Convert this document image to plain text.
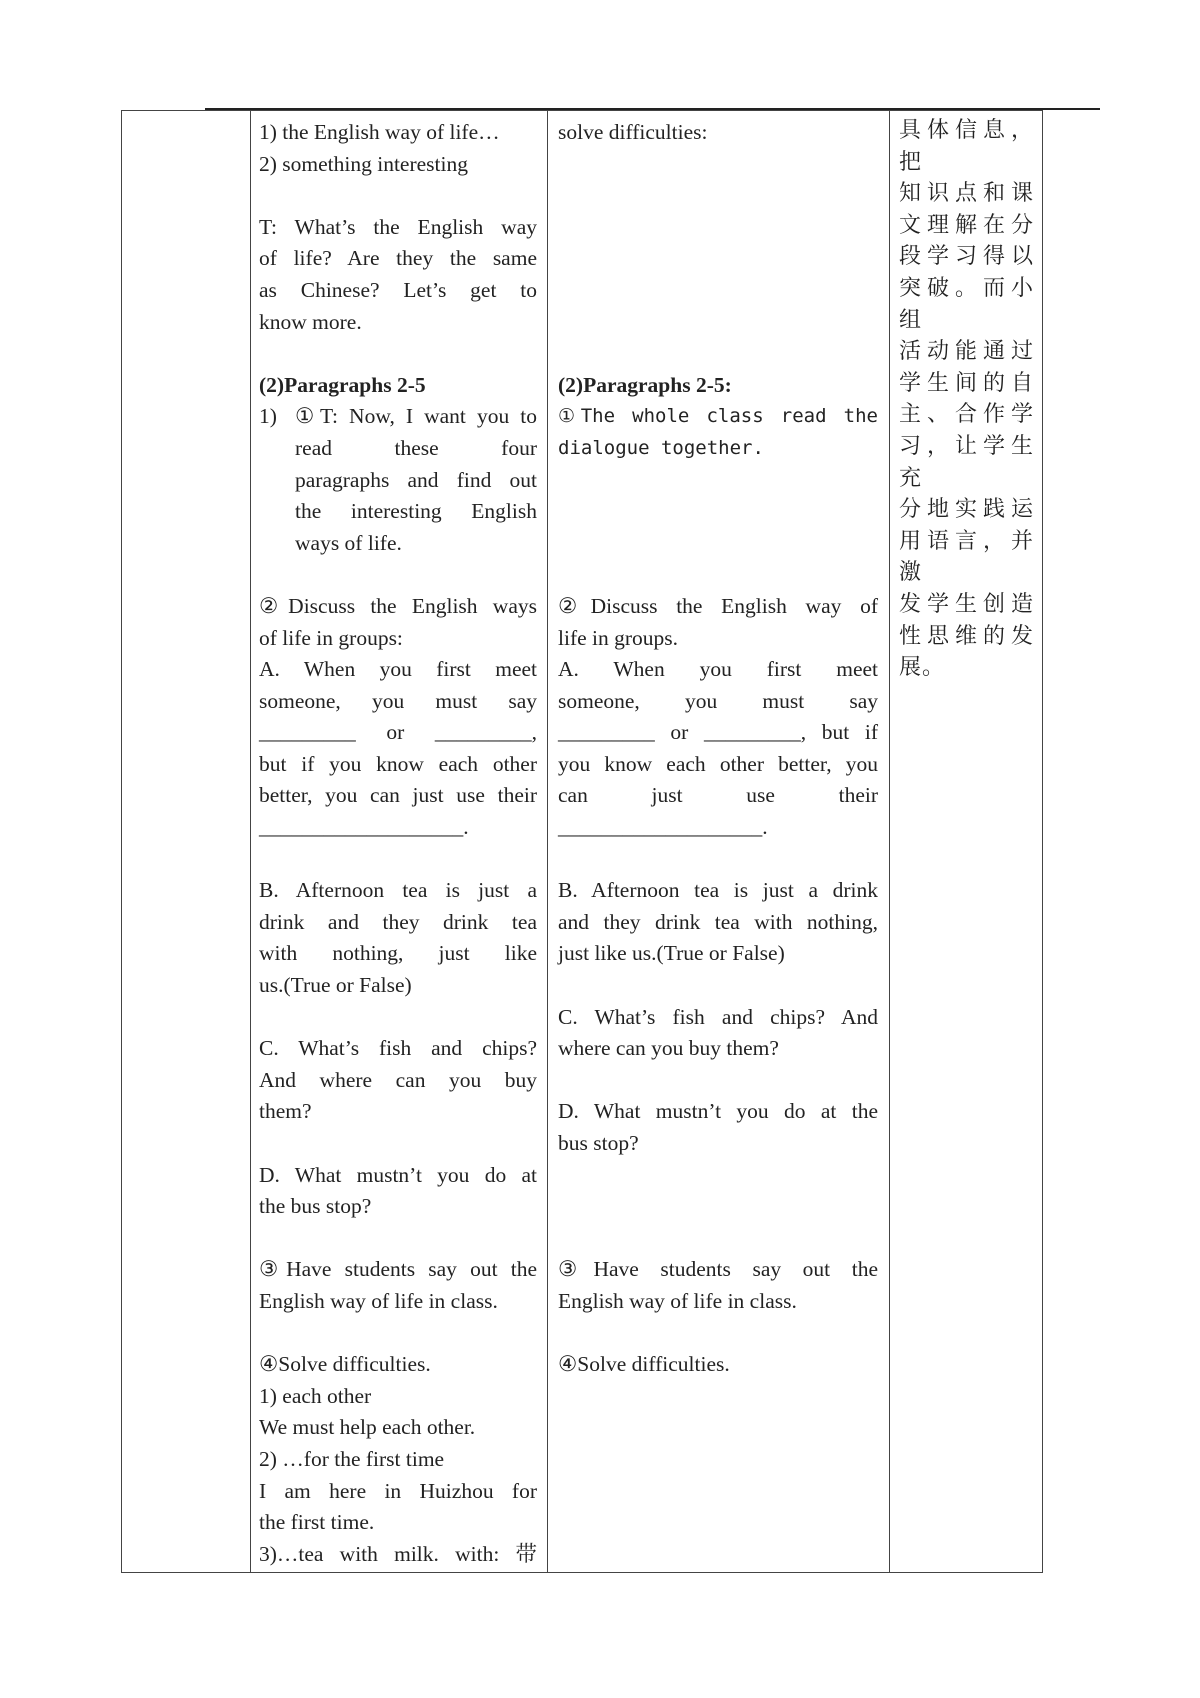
1) the English way of life…

2) something interesting

T: What’s the English way

of life? Are they the same

as Chinese? Let’s get to

know more.

(2)Paragraphs 2-5

1) ①T: Now, I want you to

read these four

paragraphs and find out

the interesting English

ways of life.

②Discuss the English ways

of life in groups:

A. When you first meet

someone, you must say

_________ or _________,

but if you know each other

better, you can just use their

___________________.

B. Afternoon tea is just a

drink and they drink tea

with nothing, just like

us.(True or False)

C. What’s fish and chips?

And where can you buy

them?

D. What mustn’t you do at

the bus stop?

③Have students say out the

English way of life in class.

④Solve difficulties.

1) each other

We must help each other.

2) …for the first time

I am here in Huizhou for

the first time.

3)…tea with milk. with: 带

solve difficulties:

(2)Paragraphs 2-5:

①The whole class read the

dialogue together.

②Discuss the English way of

life in groups.

A. When you first meet

someone, you must say

_________ or _________, but if

you know each other better, you

can just use their

___________________.

B. Afternoon tea is just a drink

and they drink tea with nothing,

just like us.(True or False)

C. What’s fish and chips? And

where can you buy them?

D. What mustn’t you do at the

bus stop?

③Have students say out the

English way of life in class.

④Solve difficulties.

具体信息，把

知识点和课

文理解在分

段学习得以

突破。而小组

活动能通过

学生间的自

主、合作学

习，让学生充

分地实践运

用语言，并激

发学生创造

性思维的发

展。
